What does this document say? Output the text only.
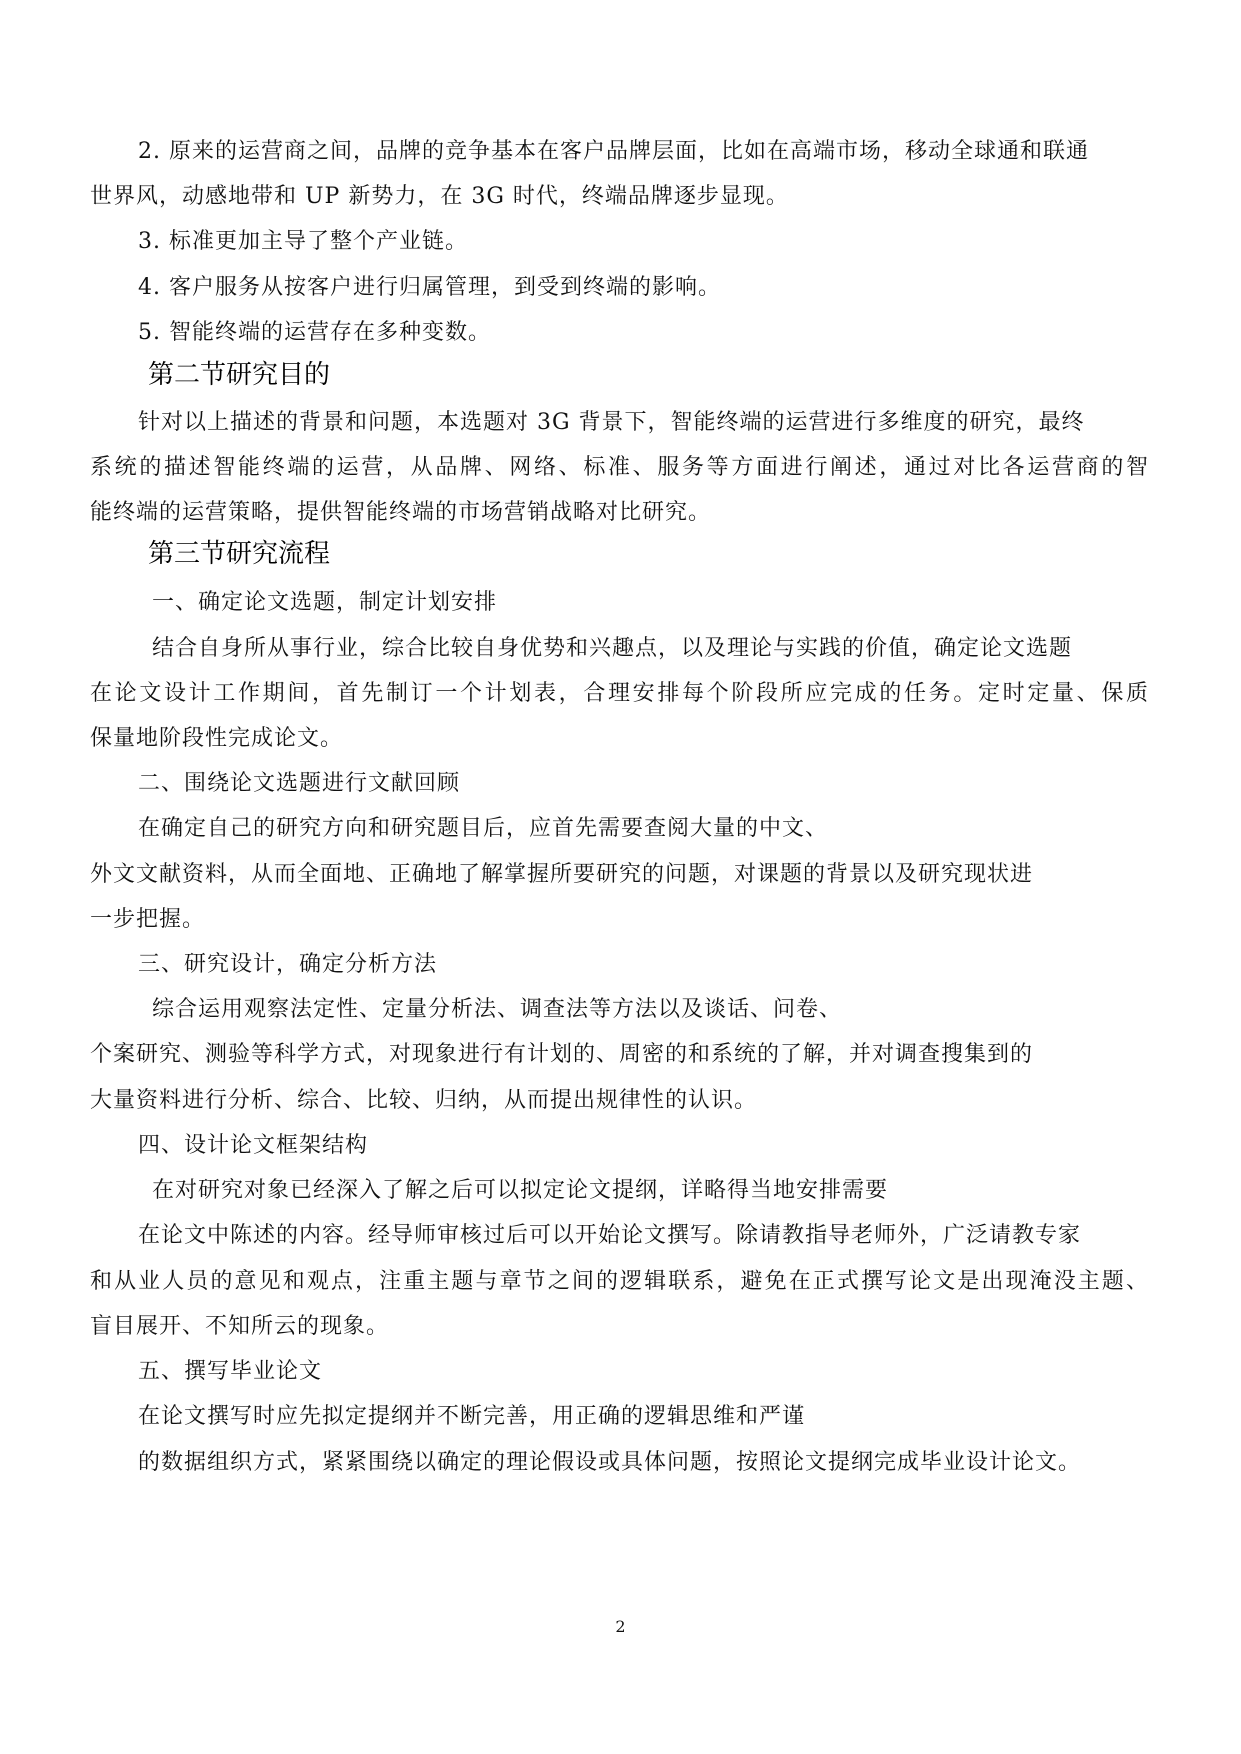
2. 原来的运营商之间，品牌的竞争基本在客户品牌层面，比如在高端市场，移动全球通和联通
世界风，动感地带和 UP 新势力，在 3G 时代，终端品牌逐步显现。
3. 标准更加主导了整个产业链。
4. 客户服务从按客户进行归属管理，到受到终端的影响。
5. 智能终端的运营存在多种变数。
第二节研究目的
针对以上描述的背景和问题，本选题对 3G 背景下，智能终端的运营进行多维度的研究，最终
系统的描述智能终端的运营，从品牌、网络、标准、服务等方面进行阐述，通过对比各运营商的智
能终端的运营策略，提供智能终端的市场营销战略对比研究。
第三节研究流程
一、确定论文选题，制定计划安排
结合自身所从事行业，综合比较自身优势和兴趣点，以及理论与实践的价值，确定论文选题
在论文设计工作期间，首先制订一个计划表，合理安排每个阶段所应完成的任务。定时定量、保质
保量地阶段性完成论文。
二、围绕论文选题进行文献回顾
在确定自己的研究方向和研究题目后，应首先需要查阅大量的中文、
外文文献资料，从而全面地、正确地了解掌握所要研究的问题，对课题的背景以及研究现状进
一步把握。
三、研究设计，确定分析方法
综合运用观察法定性、定量分析法、调查法等方法以及谈话、问卷、
个案研究、测验等科学方式，对现象进行有计划的、周密的和系统的了解，并对调查搜集到的
大量资料进行分析、综合、比较、归纳，从而提出规律性的认识。
四、设计论文框架结构
在对研究对象已经深入了解之后可以拟定论文提纲，详略得当地安排需要
在论文中陈述的内容。经导师审核过后可以开始论文撰写。除请教指导老师外，广泛请教专家
和从业人员的意见和观点，注重主题与章节之间的逻辑联系，避免在正式撰写论文是出现淹没主题、
盲目展开、不知所云的现象。
五、撰写毕业论文
在论文撰写时应先拟定提纲并不断完善，用正确的逻辑思维和严谨
的数据组织方式，紧紧围绕以确定的理论假设或具体问题，按照论文提纲完成毕业设计论文。
2
